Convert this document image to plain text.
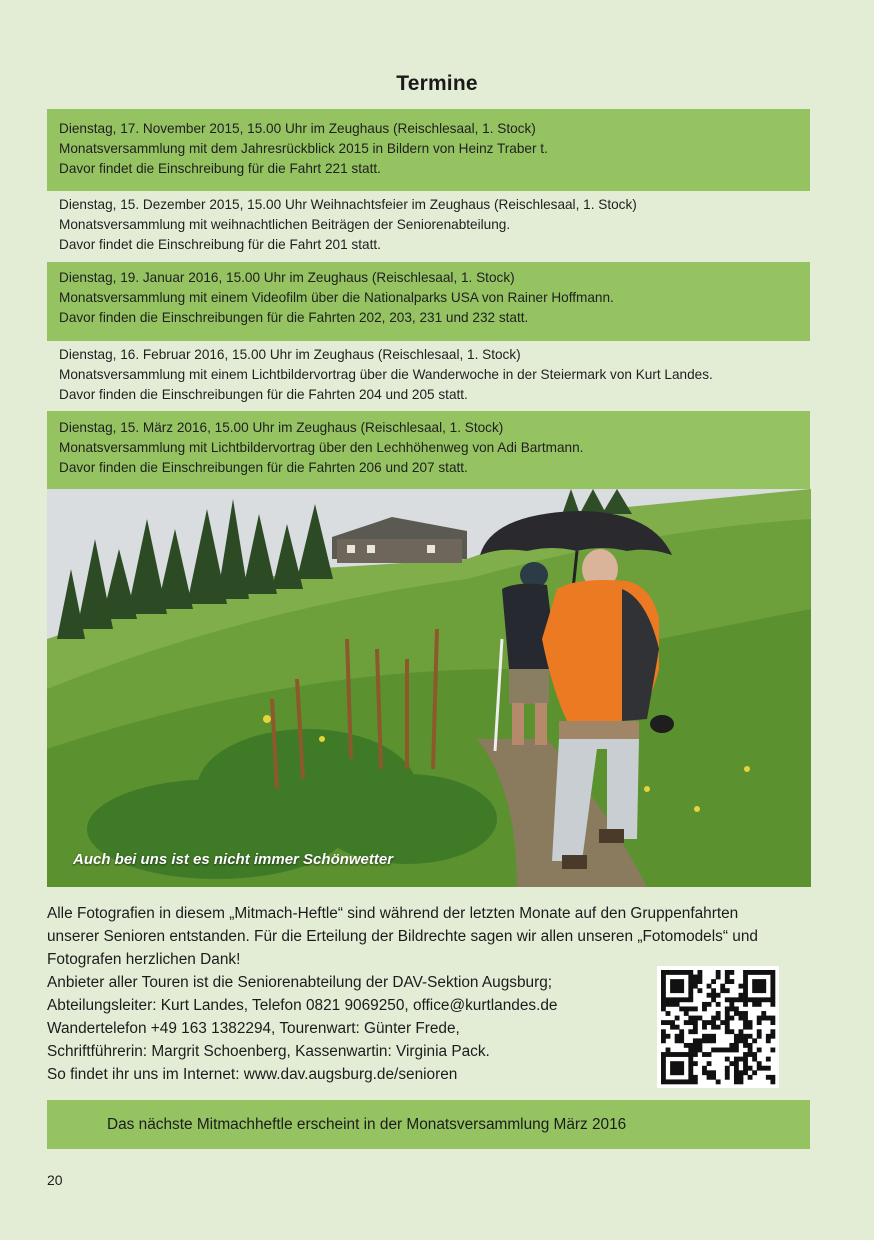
Termine
Dienstag, 17. November 2015, 15.00 Uhr im Zeughaus (Reischlesaal, 1. Stock)
Monatsversammlung mit dem Jahresrückblick 2015 in Bildern von Heinz Traber t.
Davor findet die Einschreibung für die Fahrt 221 statt.
Dienstag, 15. Dezember 2015, 15.00 Uhr Weihnachtsfeier im Zeughaus (Reischlesaal, 1. Stock)
Monatsversammlung mit weihnachtlichen Beiträgen der Seniorenabteilung.
Davor findet die Einschreibung für die Fahrt 201 statt.
Dienstag, 19. Januar 2016, 15.00 Uhr im Zeughaus (Reischlesaal, 1. Stock)
Monatsversammlung mit einem Videofilm über die Nationalparks USA von Rainer Hoffmann.
Davor finden die Einschreibungen für die Fahrten 202, 203, 231 und 232 statt.
Dienstag, 16. Februar 2016, 15.00 Uhr im Zeughaus (Reischlesaal, 1. Stock)
Monatsversammlung mit einem Lichtbildervortrag über die Wanderwoche in der Steiermark von Kurt Landes.
Davor finden die Einschreibungen für die Fahrten 204 und 205 statt.
Dienstag, 15. März 2016, 15.00 Uhr im Zeughaus (Reischlesaal, 1. Stock)
Monatsversammlung mit Lichtbildervortrag über den Lechhöhenweg von Adi Bartmann.
Davor finden die Einschreibungen für die Fahrten 206 und 207 statt.
Auch bei uns ist es nicht immer Schönwetter
Alle Fotografien in diesem „Mitmach-Heftle“ sind während der letzten Monate auf den Gruppenfahrten
unserer Senioren entstanden. Für die Erteilung der Bildrechte sagen wir allen unseren „Fotomodels“ und
Fotografen herzlichen Dank!
Anbieter aller Touren ist die Seniorenabteilung der DAV-Sektion Augsburg;
Abteilungsleiter: Kurt Landes, Telefon 0821 9069250, office@kurtlandes.de
Wandertelefon +49 163 1382294, Tourenwart: Günter Frede,
Schriftführerin: Margrit Schoenberg, Kassenwartin: Virginia Pack.
So findet ihr uns im Internet: www.dav.augsburg.de/senioren
Das nächste Mitmachheftle erscheint in der Monatsversammlung März 2016
20
